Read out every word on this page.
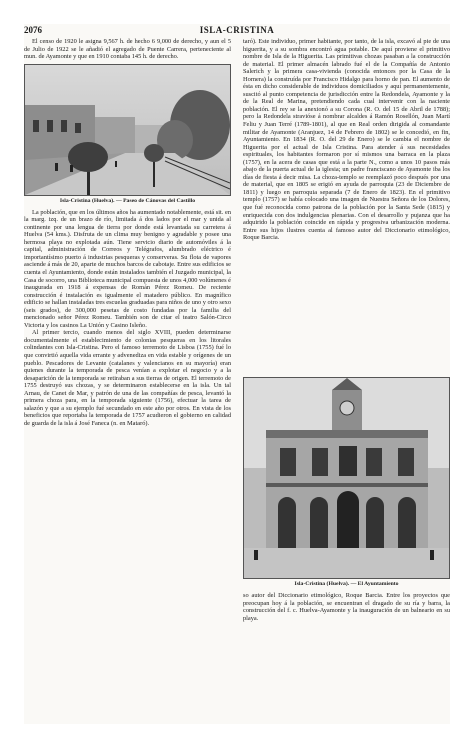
2076	ISLA-CRISTINA

El censo de 1920 le asigna 9,567 h. de hecho 6 9,000 de derecho, y aun el 5 de Julio de 1922 se le añadió el agregado de Puente Carrera, perteneciente al mun. de Ayamonte y que en 1910 contaba 145 h. de derecho.

Isla-Cristina (Huelva). — Paseo de Cánovas del Castillo

La población, que en los últimos años ha aumentado notablemente, está sit. en la marg. izq. de un brazo de río, limitada á dos lados por el mar y unida al continente por una lengua de tierra por donde está levantada su carretera á Huelva (54 kms.). Disfruta de un clima muy benigno y agradable y posee una hermosa playa no explotada aún. Tiene servicio diario de automóviles á la capital, administración de Correos y Telégrafos, alumbrado eléctrico é importantísimo puerto á industrias pesqueras y conserveras. Su flota de vapores asciende á más de 20, aparte de muchos barcos de cabotaje. Entre sus edificios se cuenta el Ayuntamiento, donde están instalados también el Juzgado municipal, la Casa de socorro, una Biblioteca municipal compuesta de unos 4,000 volúmenes é inaugurada en 1918 á expensas de Román Pérez Romeu. De reciente construcción é instalación es igualmente el matadero público. En magnífico edificio se hallan instaladas tres escuelas graduadas para niños de uno y otro sexo (seis grados), de 300,000 pesetas de costo fundadas por la familia del mencionado señor Pérez Romeu. También son de citar el teatro Salón-Circo Victoria y los casinos La Unión y Casino Isleño.

Al primer tercio, cuando menos del siglo XVIII, pueden determinarse documentalmente el establecimiento de colonias pesqueras en los litorales colindantes con Isla-Cristina. Pero el famoso terremoto de Lisboa (1755) fué lo que convirtió aquella vida errante y advenediza en vida estable y orígenes de un pueblo. Pescadores de Levante (catalanes y valencianos en su mayoría) eran quienes durante la temporada de pesca venían a explotar el negocio y a la desaparición de la temporada se retiraban a sus tierras de origen. El terremoto de 1755 destruyó sus chozas, y se determinaron establecerse en la isla. Un tal Arnau, de Canet de Mar, y patrón de una de las compañías de pesca, levantó la primera choza para, en la temporada siguiente (1756), efectuar la tarea de salazón y que a su ejemplo fué secundado en este año por otros. En vista de los beneficios que reportaba la temporada de 1757 acudieron el gobierno en calidad de guarda de la isla á José Faneca (n. en Mataró).

taró). Este individuo, primer habitante, por tanto, de la isla, excavó al pie de una higuerita, y a su sombra encontró agua potable. De aquí proviene el primitivo nombre de Isla de la Higuerita. Las primitivas chozas pasaban a la construcción de material. El primer almacén labrado fué el de la Compañía de Antonio Salerich y la primera casa-vivienda (conocida entonces por la Casa de la Hornera) la construída por Francisco Hidalgo para horno de pan. El aumento de ésta en dicho considerable de individuos domiciliados y aquí permanentemente, suscitó al punto competencia de jurisdicción entre la Redondela, Ayamonte y la de la Real de Marina, pretendiendo cada cual intervenir con la naciente población. El rey se la anexionó a su Corona (R. O. del 15 de Abril de 1788); pero la Redondela stravióse á nombrar alcaldes á Ramón Rosellón, Juan Martí Feliu y Juan Terré (1789-1801), al que en Real orden dirigida al comandante militar de Ayamonte (Aranjuez, 14 de Febrero de 1802) se le concedió, en fin, Ayuntamiento. En 1834 (R. O. del 29 de Enero) se le cambia el nombre de Higuerita por el actual de Isla Cristina. Para atender á sus necesidades espirituales, los habitantes formaron por sí mismos una barraca en la plaza (1757), en la acera de casas que está a la parte N., como a unos 10 pasos más abajo de la puerta actual de la iglesia; un padre franciscano de Ayamonte iba los días de fiesta á decir misa. La choza-templo se reemplazó poco después por una de material, que en 1805 se erigió en ayuda de parroquia (23 de Diciembre de 1811) y luego en parroquia separada (7 de Enero de 1823). En el primitivo templo (1757) se había colocado una imagen de Nuestra Señora de los Dolores, que fué reconocida como patrona de la población por la Santa Sede (1815) y enriquecida con dos indulgencias plenarias. Con el desarrollo y pujanza que ha adquirido la población coincide en rápida y progresiva urbanización moderna. Entre sus hijos ilustres cuenta al famoso autor del Diccionario etimológico, Roque Barcia.

Isla-Cristina (Huelva). — El Ayuntamiento

so autor del Diccionario etimológico, Roque Barcia. Entre los proyectos que preocupan hoy á la población, se encuentran el dragado de su ría y barra, la construcción del f. c. Huelva-Ayamonte y la inauguración de un balneario en su playa.
